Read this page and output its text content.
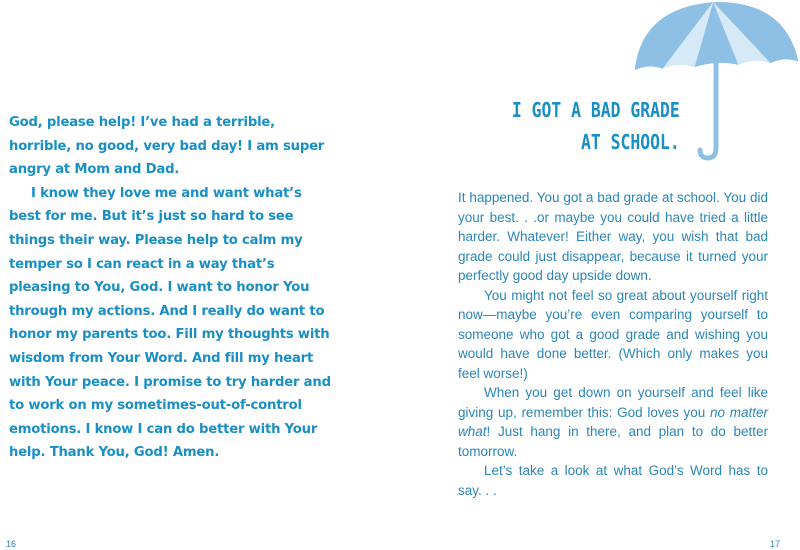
God, please help! I’ve had a terrible, horrible, no good, very bad day! I am super angry at Mom and Dad.

I know they love me and want what’s best for me. But it’s just so hard to see things their way. Please help to calm my temper so I can react in a way that’s pleasing to You, God. I want to honor You through my actions. And I really do want to honor my parents too. Fill my thoughts with wisdom from Your Word. And fill my heart with Your peace. I promise to try harder and to work on my sometimes-out-of-control emotions. I know I can do better with Your help. Thank You, God! Amen.

I GOT A BAD GRADE
AT SCHOOL.

It happened. You got a bad grade at school. You did your best. . .or maybe you could have tried a little harder. Whatever! Either way, you wish that bad grade could just disappear, because it turned your perfectly good day upside down.

You might not feel so great about yourself right now—maybe you’re even comparing yourself to someone who got a good grade and wishing you would have done better. (Which only makes you feel worse!)

When you get down on yourself and feel like giving up, remember this: God loves you no matter what! Just hang in there, and plan to do better tomorrow.

Let’s take a look at what God’s Word has to say. . .

16	17
